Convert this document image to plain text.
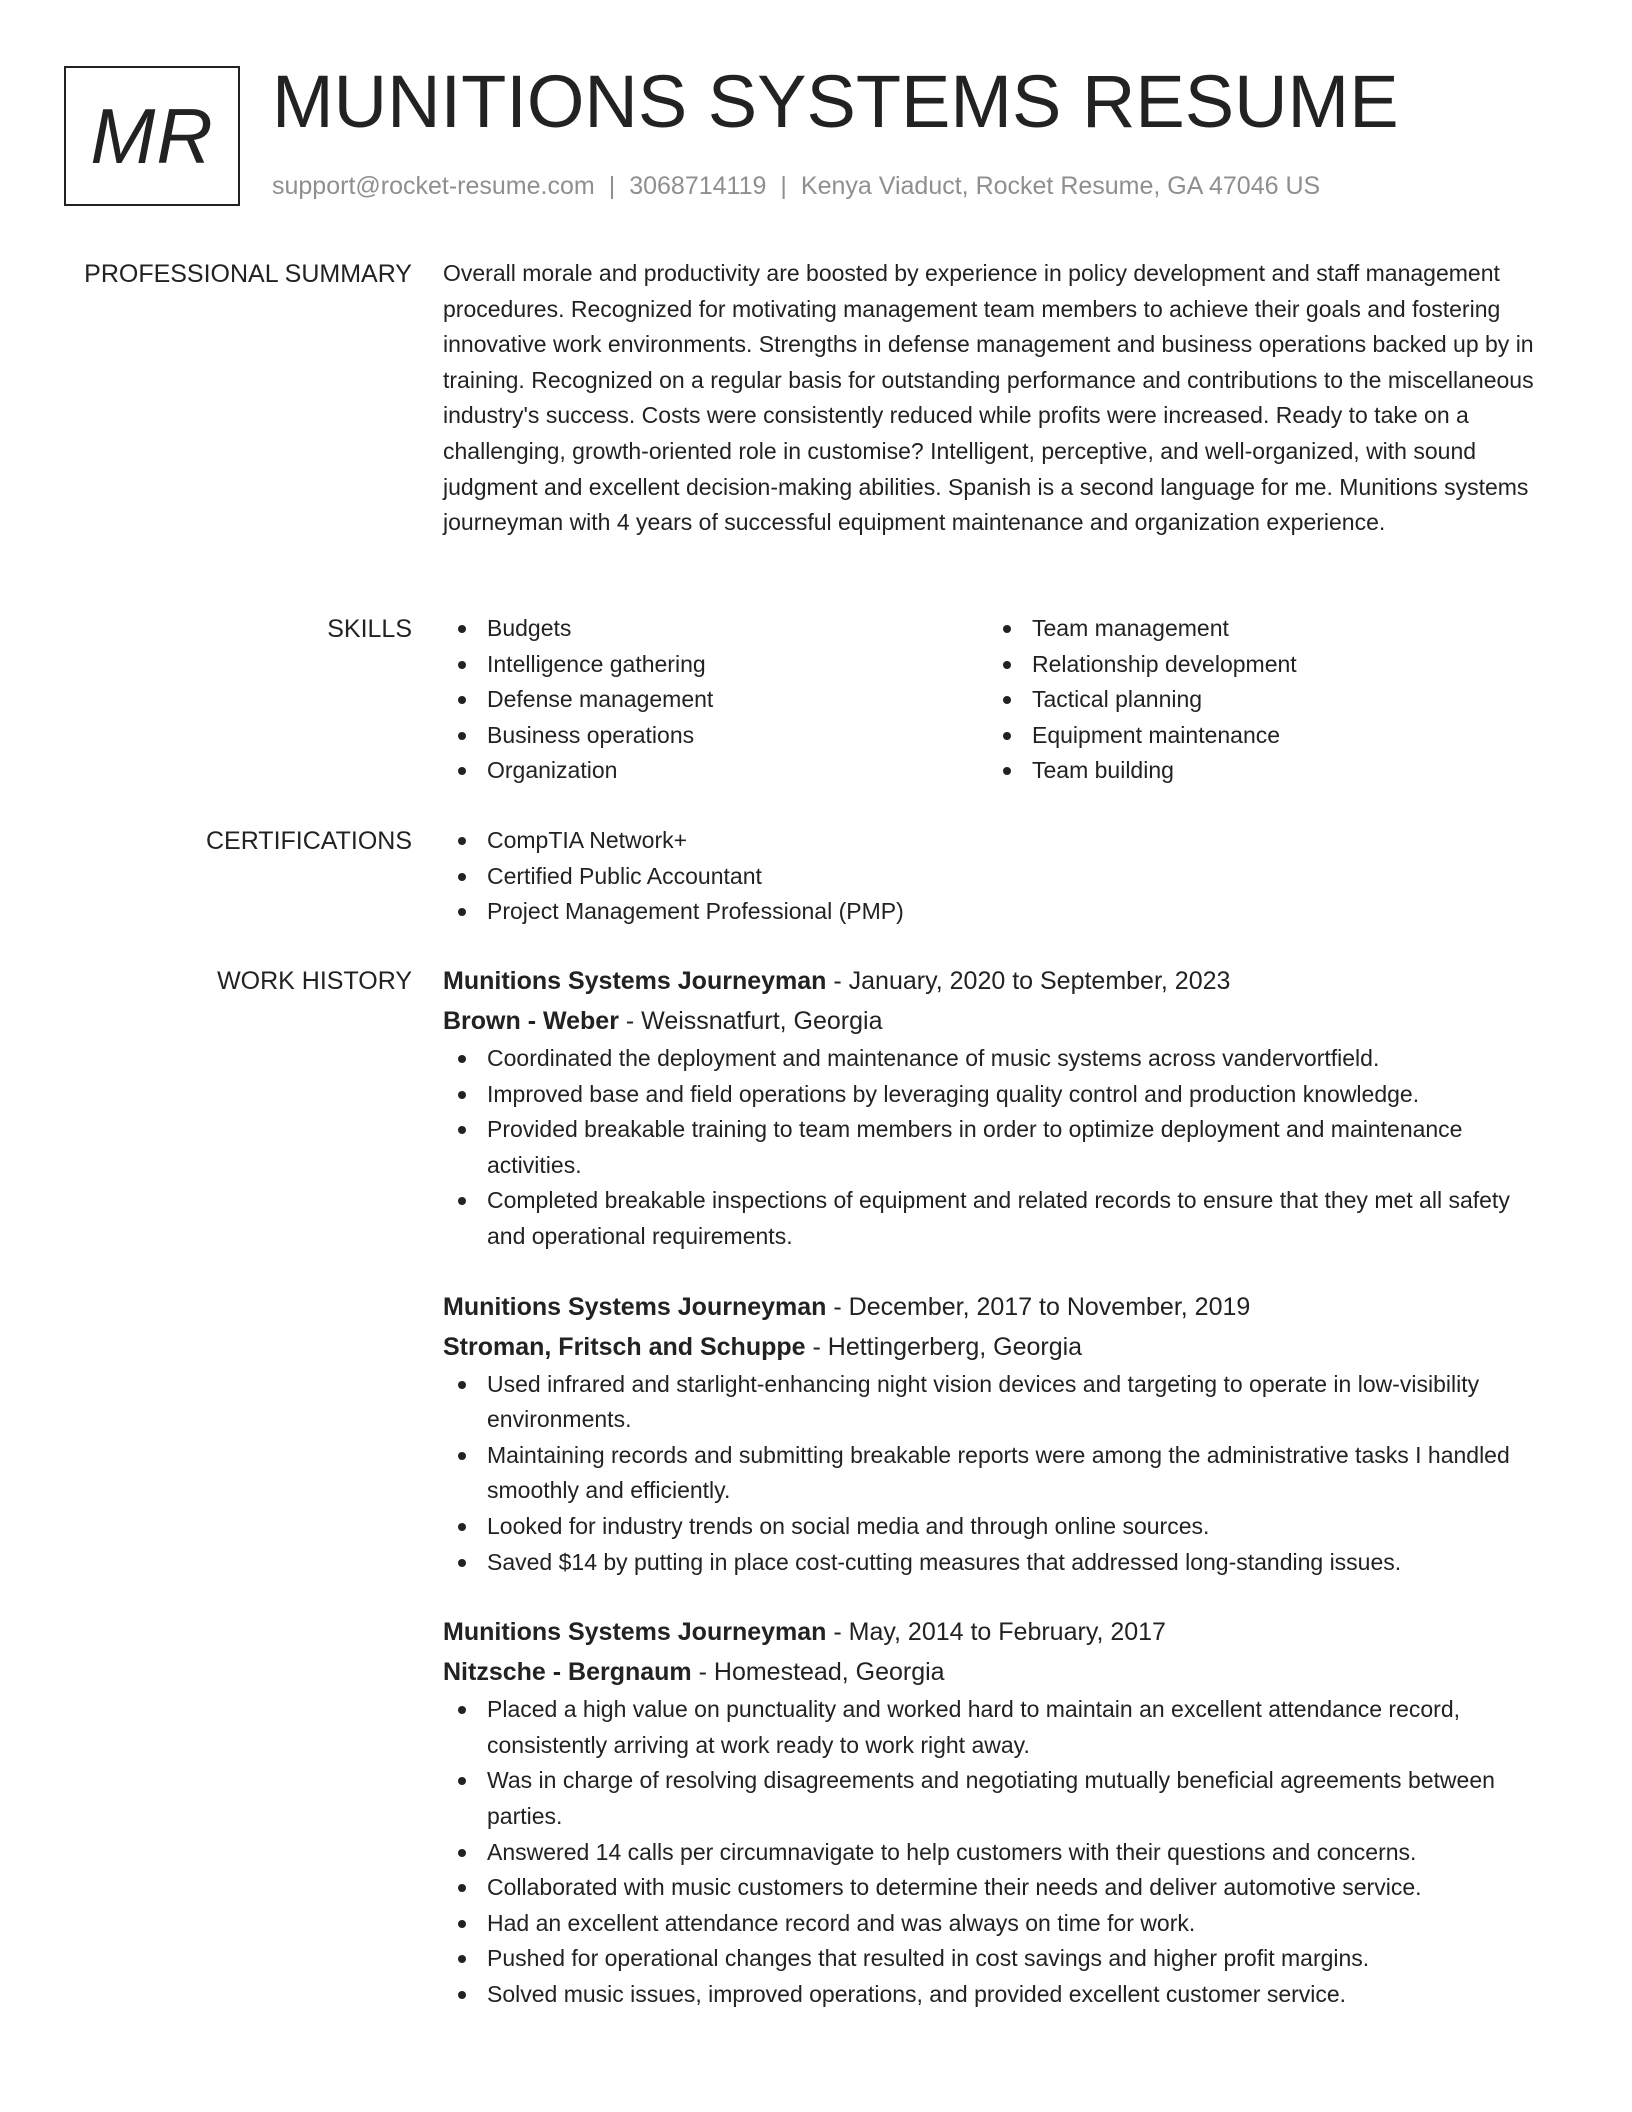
MR MUNITIONS SYSTEMS RESUME
support@rocket-resume.com | 3068714119 | Kenya Viaduct, Rocket Resume, GA 47046 US
PROFESSIONAL SUMMARY Overall morale and productivity are boosted by experience in policy development and staff management procedures. Recognized for motivating management team members to achieve their goals and fostering innovative work environments. Strengths in defense management and business operations backed up by in training. Recognized on a regular basis for outstanding performance and contributions to the miscellaneous industry's success. Costs were consistently reduced while profits were increased. Ready to take on a challenging, growth-oriented role in customise? Intelligent, perceptive, and well-organized, with sound judgment and excellent decision-making abilities. Spanish is a second language for me. Munitions systems journeyman with 4 years of successful equipment maintenance and organization experience.

SKILLS	Budgets
Intelligence gathering
Defense management
Business operations
Organization
Team management
Relationship development
Tactical planning
Equipment maintenance
Team building
CERTIFICATIONS	CompTIA Network+
Certified Public Accountant
Project Management Professional (PMP)
WORK HISTORY Munitions Systems Journeyman - January, 2020 to September, 2023
Brown - Weber - Weissnatfurt, Georgia
Coordinated the deployment and maintenance of music systems across vandervortfield.
Improved base and field operations by leveraging quality control and production knowledge.
Provided breakable training to team members in order to optimize deployment and maintenance activities.
Completed breakable inspections of equipment and related records to ensure that they met all safety and operational requirements.
Munitions Systems Journeyman - December, 2017 to November, 2019
Stroman, Fritsch and Schuppe - Hettingerberg, Georgia
Used infrared and starlight-enhancing night vision devices and targeting to operate in low-visibility environments.
Maintaining records and submitting breakable reports were among the administrative tasks I handled smoothly and efficiently.
Looked for industry trends on social media and through online sources.
Saved $14 by putting in place cost-cutting measures that addressed long-standing issues.
Munitions Systems Journeyman - May, 2014 to February, 2017
Nitzsche - Bergnaum - Homestead, Georgia
Placed a high value on punctuality and worked hard to maintain an excellent attendance record, consistently arriving at work ready to work right away.
Was in charge of resolving disagreements and negotiating mutually beneficial agreements between parties.
Answered 14 calls per circumnavigate to help customers with their questions and concerns.
Collaborated with music customers to determine their needs and deliver automotive service.
Had an excellent attendance record and was always on time for work.
Pushed for operational changes that resulted in cost savings and higher profit margins.
Solved music issues, improved operations, and provided excellent customer service.
